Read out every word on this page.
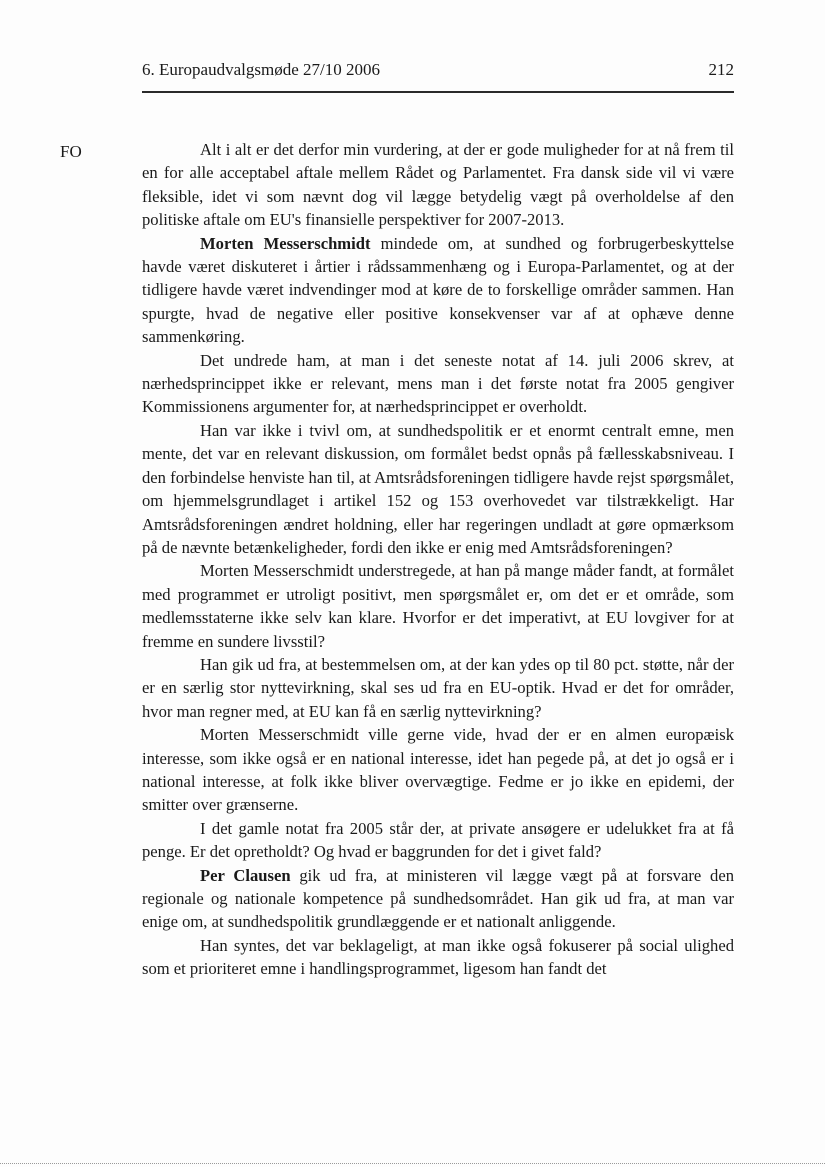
6. Europaudvalgsmøde 27/10 2006	212
FO	Alt i alt er det derfor min vurdering, at der er gode muligheder for at nå frem til en for alle acceptabel aftale mellem Rådet og Parlamentet. Fra dansk side vil vi være fleksible, idet vi som nævnt dog vil lægge betydelig vægt på overholdelse af den politiske aftale om EU's finansielle perspektiver for 2007-2013.

Morten Messerschmidt mindede om, at sundhed og forbrugerbeskyttelse havde været diskuteret i årtier i rådssammenhæng og i Europa-Parlamentet, og at der tidligere havde været indvendinger mod at køre de to forskellige områder sammen. Han spurgte, hvad de negative eller positive konsekvenser var af at ophæve denne sammenkøring.

Det undrede ham, at man i det seneste notat af 14. juli 2006 skrev, at nærhedsprincippet ikke er relevant, mens man i det første notat fra 2005 gengiver Kommissionens argumenter for, at nærhedsprincippet er overholdt.

Han var ikke i tvivl om, at sundhedspolitik er et enormt centralt emne, men mente, det var en relevant diskussion, om formålet bedst opnås på fællesskabsniveau. I den forbindelse henviste han til, at Amtsrådsforeningen tidligere havde rejst spørgsmålet, om hjemmelsgrundlaget i artikel 152 og 153 overhovedet var tilstrækkeligt. Har Amtsrådsforeningen ændret holdning, eller har regeringen undladt at gøre opmærksom på de nævnte betænkeligheder, fordi den ikke er enig med Amtsrådsforeningen?

Morten Messerschmidt understregede, at han på mange måder fandt, at formålet med programmet er utroligt positivt, men spørgsmålet er, om det er et område, som medlemsstaterne ikke selv kan klare. Hvorfor er det imperativt, at EU lovgiver for at fremme en sundere livsstil?

Han gik ud fra, at bestemmelsen om, at der kan ydes op til 80 pct. støtte, når der er en særlig stor nyttevirkning, skal ses ud fra en EU-optik. Hvad er det for områder, hvor man regner med, at EU kan få en særlig nyttevirkning?

Morten Messerschmidt ville gerne vide, hvad der er en almen europæisk interesse, som ikke også er en national interesse, idet han pegede på, at det jo også er i national interesse, at folk ikke bliver overvægtige. Fedme er jo ikke en epidemi, der smitter over grænserne.

I det gamle notat fra 2005 står der, at private ansøgere er udelukket fra at få penge. Er det opretholdt? Og hvad er baggrunden for det i givet fald?

Per Clausen gik ud fra, at ministeren vil lægge vægt på at forsvare den regionale og nationale kompetence på sundhedsområdet. Han gik ud fra, at man var enige om, at sundhedspolitik grundlæggende er et nationalt anliggende.

Han syntes, det var beklageligt, at man ikke også fokuserer på social ulighed som et prioriteret emne i handlingsprogrammet, ligesom han fandt det
